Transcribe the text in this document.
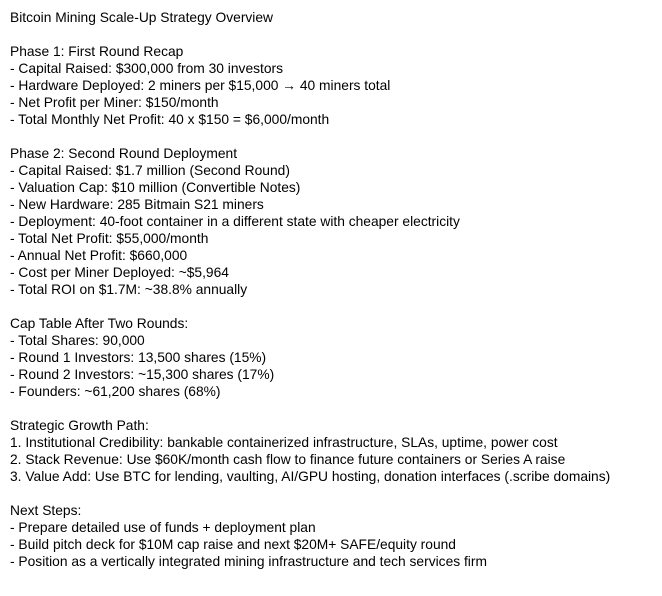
Bitcoin Mining Scale-Up Strategy Overview

Phase 1: First Round Recap

- Capital Raised: $300,000 from 30 investors

- Hardware Deployed: 2 miners per $15,000 → 40 miners total

- Net Profit per Miner: $150/month

- Total Monthly Net Profit: 40 x $150 = $6,000/month

Phase 2: Second Round Deployment

- Capital Raised: $1.7 million (Second Round)

- Valuation Cap: $10 million (Convertible Notes)

- New Hardware: 285 Bitmain S21 miners

- Deployment: 40-foot container in a different state with cheaper electricity

- Total Net Profit: $55,000/month

- Annual Net Profit: $660,000

- Cost per Miner Deployed: ~$5,964

- Total ROI on $1.7M: ~38.8% annually

Cap Table After Two Rounds:

- Total Shares: 90,000

- Round 1 Investors: 13,500 shares (15%)

- Round 2 Investors: ~15,300 shares (17%)

- Founders: ~61,200 shares (68%)

Strategic Growth Path:

1. Institutional Credibility: bankable containerized infrastructure, SLAs, uptime, power cost

2. Stack Revenue: Use $60K/month cash flow to finance future containers or Series A raise

3. Value Add: Use BTC for lending, vaulting, AI/GPU hosting, donation interfaces (.scribe domains)

Next Steps:

- Prepare detailed use of funds + deployment plan

- Build pitch deck for $10M cap raise and next $20M+ SAFE/equity round

- Position as a vertically integrated mining infrastructure and tech services firm
